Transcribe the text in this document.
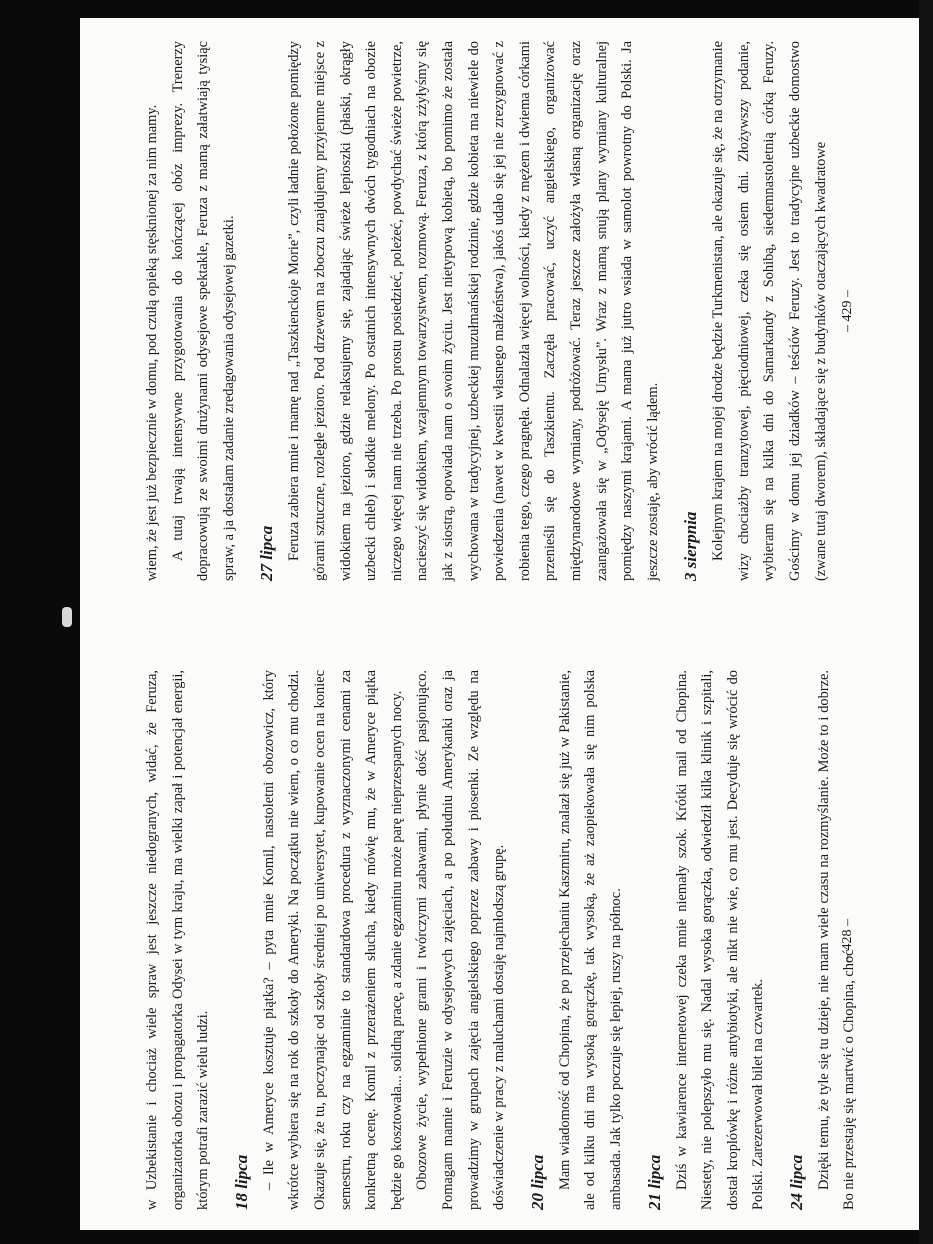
wiem, że jest już bezpiecznie w domu, pod czułą opieką stęsknionej za nim mamy. A tutaj trwają intensywne przygotowania do kończącej obóz imprezy. Trenerzy dopracowują ze swoimi drużynami odysejowe spektakle, Feruza z mamą załatwiają tysiąc spraw, a ja dostałam zadanie zredagowania odysejowej gazetki.	27 lipca Feruza zabiera mnie i mamę nad „Taszkienckoje Morie”, czyli ładnie położone pomiędzy górami sztuczne, rozległe jezioro. Pod drzewem na zboczu znajdujemy przyjemne miejsce z widokiem na jezioro, gdzie relaksujemy się, zajadając świeże lepioszki (płaski, okrągły uzbecki chleb) i słodkie melony. Po ostatnich intensywnych dwóch tygodniach na obozie niczego więcej nam nie trzeba. Po prostu posiedzieć, poleżeć, powdychać świeże powietrze, nacieszyć się widokiem, wzajemnym towarzystwem, rozmową. Feruza, z którą zżyłyśmy się jak z siostrą, opowiada nam o swoim życiu. Jest nietypową kobietą, bo pomimo że została wychowana w tradycyjnej, uzbeckiej muzułmańskiej rodzinie, gdzie kobieta ma niewiele do powiedzenia (nawet w kwestii własnego małżeństwa), jakoś udało się jej nie zrezygnować z robienia tego, czego pragnęła. Odnalazła więcej wolności, kiedy z mężem i dwiema córkami przenieśli się do Taszkientu. Zaczęła pracować, uczyć angielskiego, organizować międzynarodowe wymiany, podróżować. Teraz jeszcze założyła własną organizację oraz zaangażowała się w „Odyseję Umysłu”. Wraz z mamą snują plany wymiany kulturalnej pomiędzy naszymi krajami. A mama już jutro wsiada w samolot powrotny do Polski. Ja jeszcze zostaję, aby wrócić lądem.	3 sierpnia Kolejnym krajem na mojej drodze będzie Turkmenistan, ale okazuje się, że na otrzymanie wizy chociażby tranzytowej, pięciodniowej, czeka się osiem dni. Złożywszy podanie, wybieram się na kilka dni do Samarkandy z Sohibą, siedemnastoletnią córką Feruzy. Gościmy w domu jej dziadków – teściów Feruzy. Jest to tradycyjne uzbeckie domostwo (zwane tutaj dworem), składające się z budynków otaczających kwadratowe – 429 –

w Uzbekistanie i chociaż wiele spraw jest jeszcze niedogranych, widać, że Feruza, organizatorka obozu i propagatorka Odysei w tym kraju, ma wielki zapał i potencjał energii, którym potrafi zarazić wielu ludzi.	18 lipca – Ile w Ameryce kosztuje piątka? – pyta mnie Komil, nastoletni obozowicz, który wkrótce wybiera się na rok do szkoły do Ameryki. Na początku nie wiem, o co mu chodzi. Okazuje się, że tu, poczynając od szkoły średniej po uniwersytet, kupowanie ocen na koniec semestru, roku czy na egzaminie to standardowa procedura z wyznaczonymi cenami za konkretną ocenę. Komil z przerażeniem słucha, kiedy mówię mu, że w Ameryce piątka będzie go kosztowała... solidną pracę, a zdanie egzaminu może parę nieprzespanych nocy. Obozowe życie, wypełnione grami i twórczymi zabawami, płynie dość pasjonująco. Pomagam mamie i Feruzie w odysejowych zajęciach, a po południu Amerykanki oraz ja prowadzimy w grupach zajęcia angielskiego poprzez zabawy i piosenki. Ze względu na doświadczenie w pracy z maluchami dostaję najmłodszą grupę.	20 lipca Mam wiadomość od Chopina, że po przejechaniu Kaszmiru, znalazł się już w Pakistanie, ale od kilku dni ma wysoką gorączkę, tak wysoką, że aż zaopiekowała się nim polska ambasada. Jak tylko poczuje się lepiej, ruszy na północ.	21 lipca Dziś w kawiarence internetowej czeka mnie niemały szok. Krótki mail od Chopina. Niestety, nie polepszyło mu się. Nadal wysoka gorączka, odwiedził kilka klinik i szpitali, dostał kroplówkę i różne antybiotyki, ale nikt nie wie, co mu jest. Decyduje się wrócić do Polski. Zarezerwował bilet na czwartek.	24 lipca Dzięki temu, że tyle się tu dzieje, nie mam wiele czasu na rozmyślanie. Może to i dobrze. Bo nie przestaję się martwić o Chopina, choć

– 428 –
